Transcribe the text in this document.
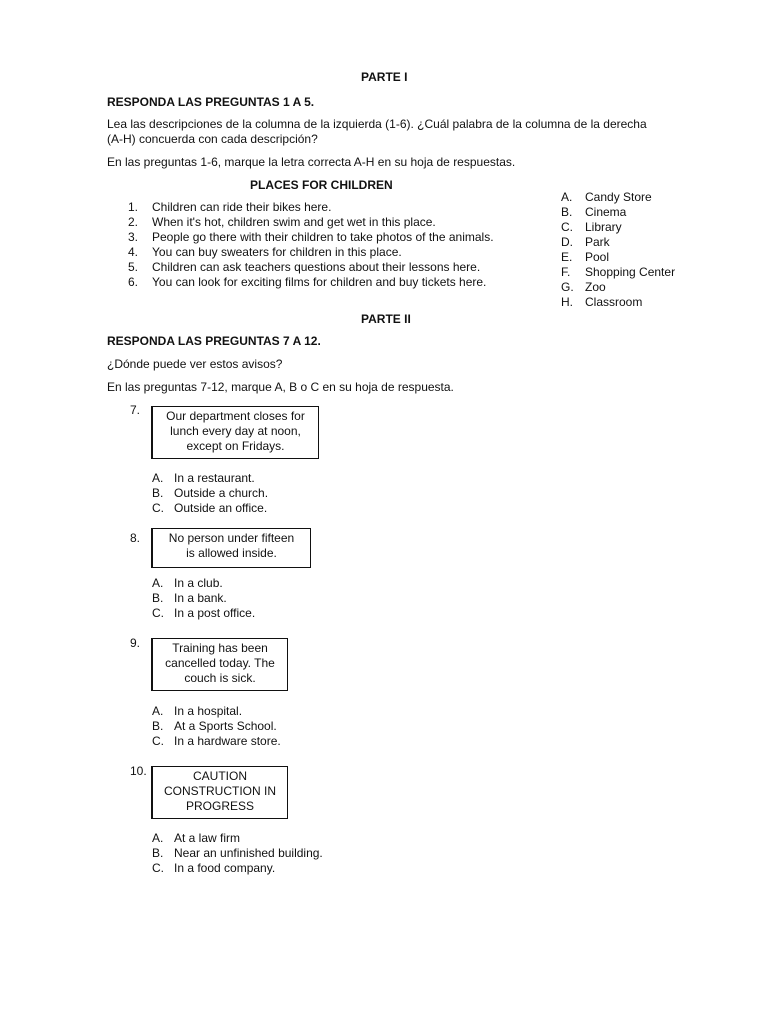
PARTE I
RESPONDA LAS PREGUNTAS 1 A 5.
Lea las descripciones de la columna de la izquierda (1-6). ¿Cuál palabra de la columna de la derecha
(A-H) concuerda con cada descripción?
En las preguntas 1-6, marque la letra correcta A-H en su hoja de respuestas.
PLACES FOR CHILDREN
1. Children can ride their bikes here.
2. When it's hot, children swim and get wet in this place.
3. People go there with their children to take photos of the animals.
4. You can buy sweaters for children in this place.
5. Children can ask teachers questions about their lessons here.
6. You can look for exciting films for children and buy tickets here.
A. Candy Store
B. Cinema
C. Library
D. Park
E. Pool
F. Shopping Center
G. Zoo
H. Classroom
PARTE II
RESPONDA LAS PREGUNTAS 7 A 12.
¿Dónde puede ver estos avisos?
En las preguntas 7-12, marque A, B o C en su hoja de respuesta.
7.	Our department closes for
lunch every day at noon,
except on Fridays.
A. In a restaurant.
B. Outside a church.
C. Outside an office.
8.	No person under fifteen
is allowed inside.
A. In a club.
B. In a bank.
C. In a post office.
9.	Training has been
cancelled today. The
couch is sick.
A. In a hospital.
B. At a Sports School.
C. In a hardware store.
10.	CAUTION
CONSTRUCTION IN
PROGRESS
A. At a law firm
B. Near an unfinished building.
C. In a food company.
